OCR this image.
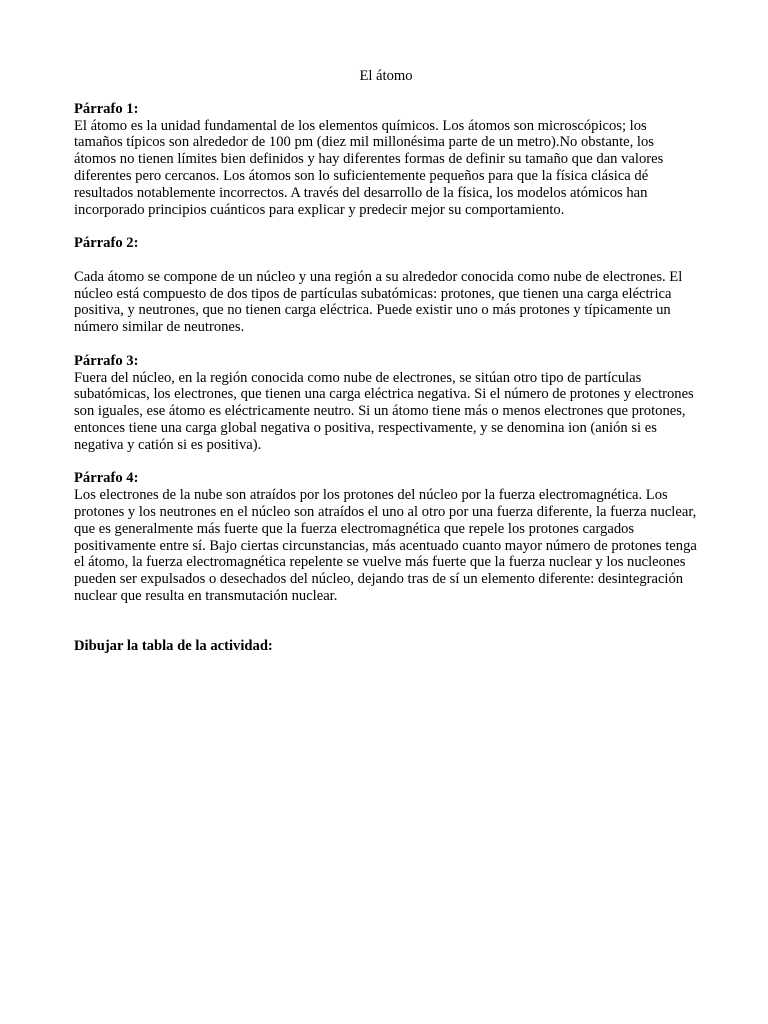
El átomo
Párrafo 1:
El átomo es la unidad fundamental de los elementos químicos. Los átomos son microscópicos; los tamaños típicos son alrededor de 100 pm (diez mil millonésima parte de un metro).No obstante, los átomos no tienen límites bien definidos y hay diferentes formas de definir su tamaño que dan valores diferentes pero cercanos. Los átomos son lo suficientemente pequeños para que la física clásica dé resultados notablemente incorrectos. A través del desarrollo de la física, los modelos atómicos han incorporado principios cuánticos para explicar y predecir mejor su comportamiento.
Párrafo 2:
Cada átomo se compone de un núcleo y una región a su alrededor conocida como nube de electrones. El núcleo está compuesto de dos tipos de partículas subatómicas: protones, que tienen una carga eléctrica positiva, y neutrones, que no tienen carga eléctrica. Puede existir uno o más protones y típicamente un número similar de neutrones.
Párrafo 3:
Fuera del núcleo, en la región conocida como nube de electrones, se sitúan otro tipo de partículas subatómicas, los electrones, que tienen una carga eléctrica negativa. Si el número de protones y electrones son iguales, ese átomo es eléctricamente neutro. Si un átomo tiene más o menos electrones que protones, entonces tiene una carga global negativa o positiva, respectivamente, y se denomina ion (anión si es negativa y catión si es positiva).
Párrafo 4:
Los electrones de la nube son atraídos por los protones del núcleo por la fuerza electromagnética. Los protones y los neutrones en el núcleo son atraídos el uno al otro por una fuerza diferente, la fuerza nuclear, que es generalmente más fuerte que la fuerza electromagnética que repele los protones cargados positivamente entre sí. Bajo ciertas circunstancias, más acentuado cuanto mayor número de protones tenga el átomo, la fuerza electromagnética repelente se vuelve más fuerte que la fuerza nuclear y los nucleones pueden ser expulsados o desechados del núcleo, dejando tras de sí un elemento diferente: desintegración nuclear que resulta en transmutación nuclear.
Dibujar la tabla de la actividad:
